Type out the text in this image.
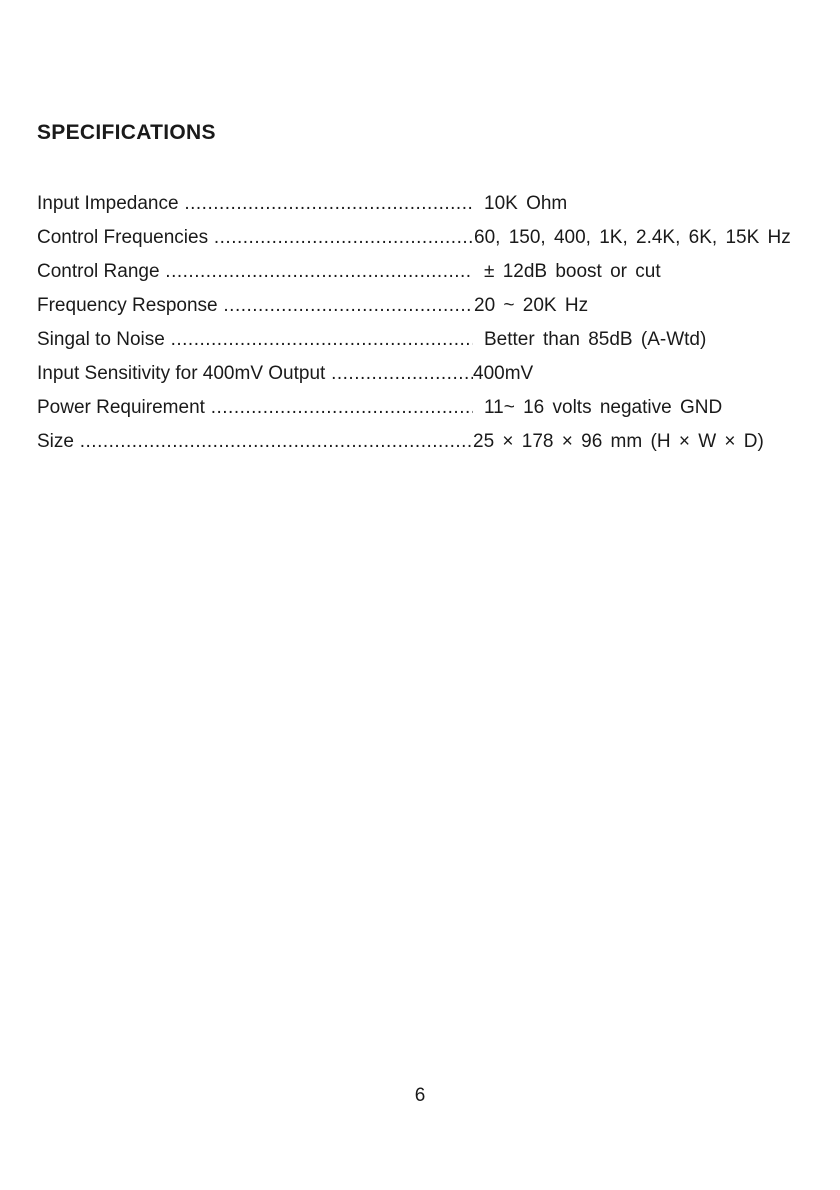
SPECIFICATIONS
Input Impedance .....	10K Ohm
Control Frequencies .....	60, 150, 400, 1K, 2.4K, 6K, 15K Hz
Control Range .....	± 12dB boost or cut
Frequency Response .....	20 ~ 20K Hz
Singal to Noise .....	Better than 85dB (A-Wtd)
Input Sensitivity for 400mV Output .....	400mV
Power Requirement .....	11~ 16 volts negative GND
Size .....	25 × 178 × 96 mm (H × W × D)

6
